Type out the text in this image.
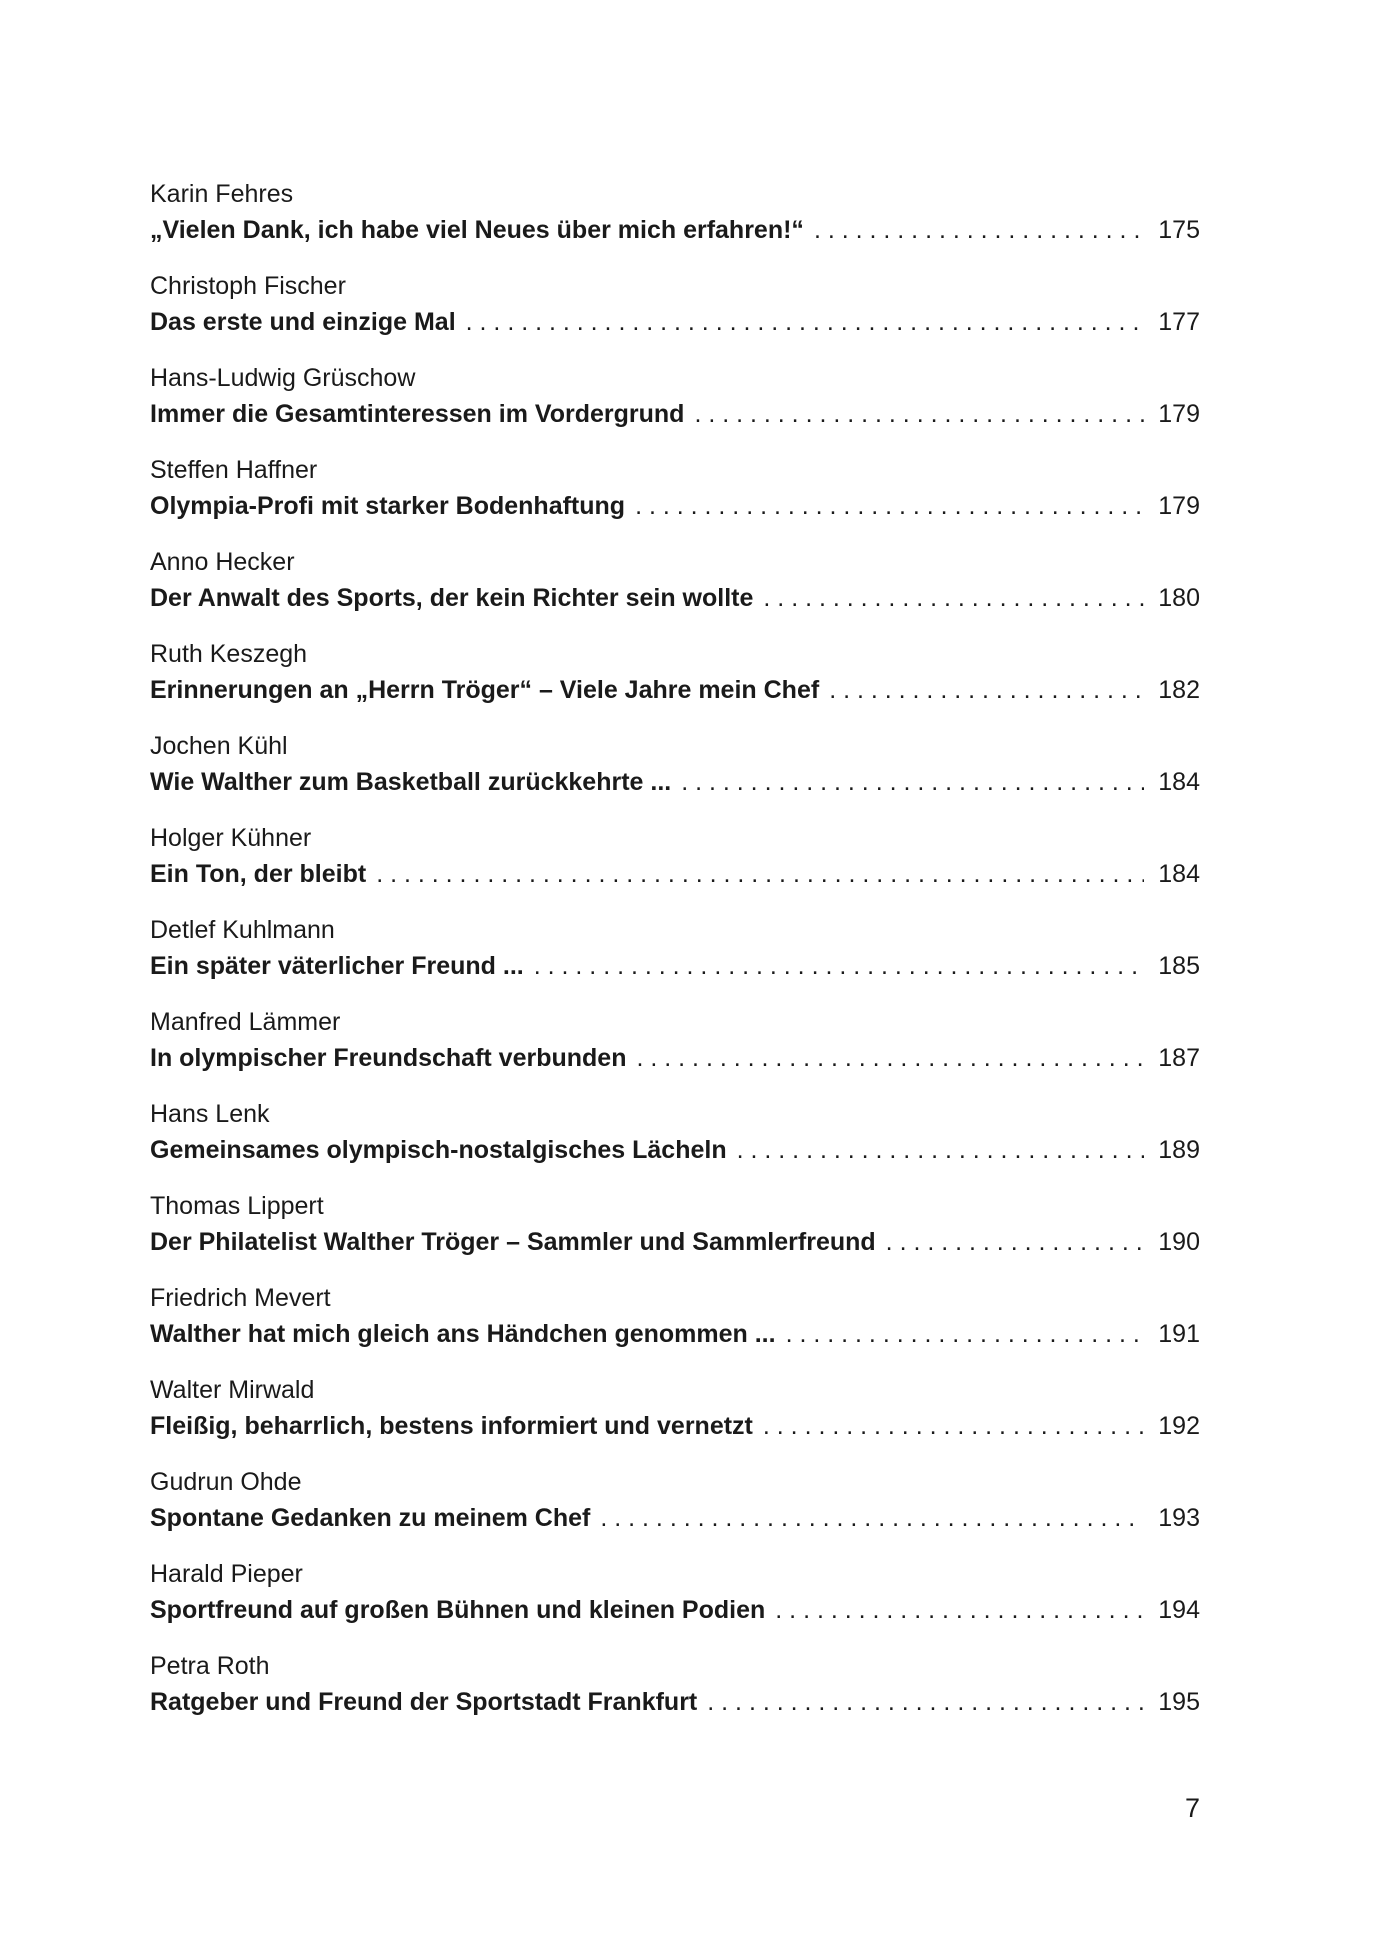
Karin Fehres
„Vielen Dank, ich habe viel Neues über mich erfahren!“ . . .	175
Christoph Fischer
Das erste und einzige Mal . . .	177
Hans-Ludwig Grüschow
Immer die Gesamtinteressen im Vordergrund . . .	179
Steffen Haffner
Olympia-Profi mit starker Bodenhaftung . . .	179
Anno Hecker
Der Anwalt des Sports, der kein Richter sein wollte . . .	180
Ruth Keszegh
Erinnerungen an „Herrn Tröger“ – Viele Jahre mein Chef . . .	182
Jochen Kühl
Wie Walther zum Basketball zurückkehrte ... . . .	184
Holger Kühner
Ein Ton, der bleibt . . .	184
Detlef Kuhlmann
Ein später väterlicher Freund ... . . .	185
Manfred Lämmer
In olympischer Freundschaft verbunden . . .	187
Hans Lenk
Gemeinsames olympisch-nostalgisches Lächeln . . .	189
Thomas Lippert
Der Philatelist Walther Tröger – Sammler und Sammlerfreund . . .	190
Friedrich Mevert
Walther hat mich gleich ans Händchen genommen ... . . .	191
Walter Mirwald
Fleißig, beharrlich, bestens informiert und vernetzt . . .	192
Gudrun Ohde
Spontane Gedanken zu meinem Chef . . .	193
Harald Pieper
Sportfreund auf großen Bühnen und kleinen Podien . . .	194
Petra Roth
Ratgeber und Freund der Sportstadt Frankfurt . . .	195
7
